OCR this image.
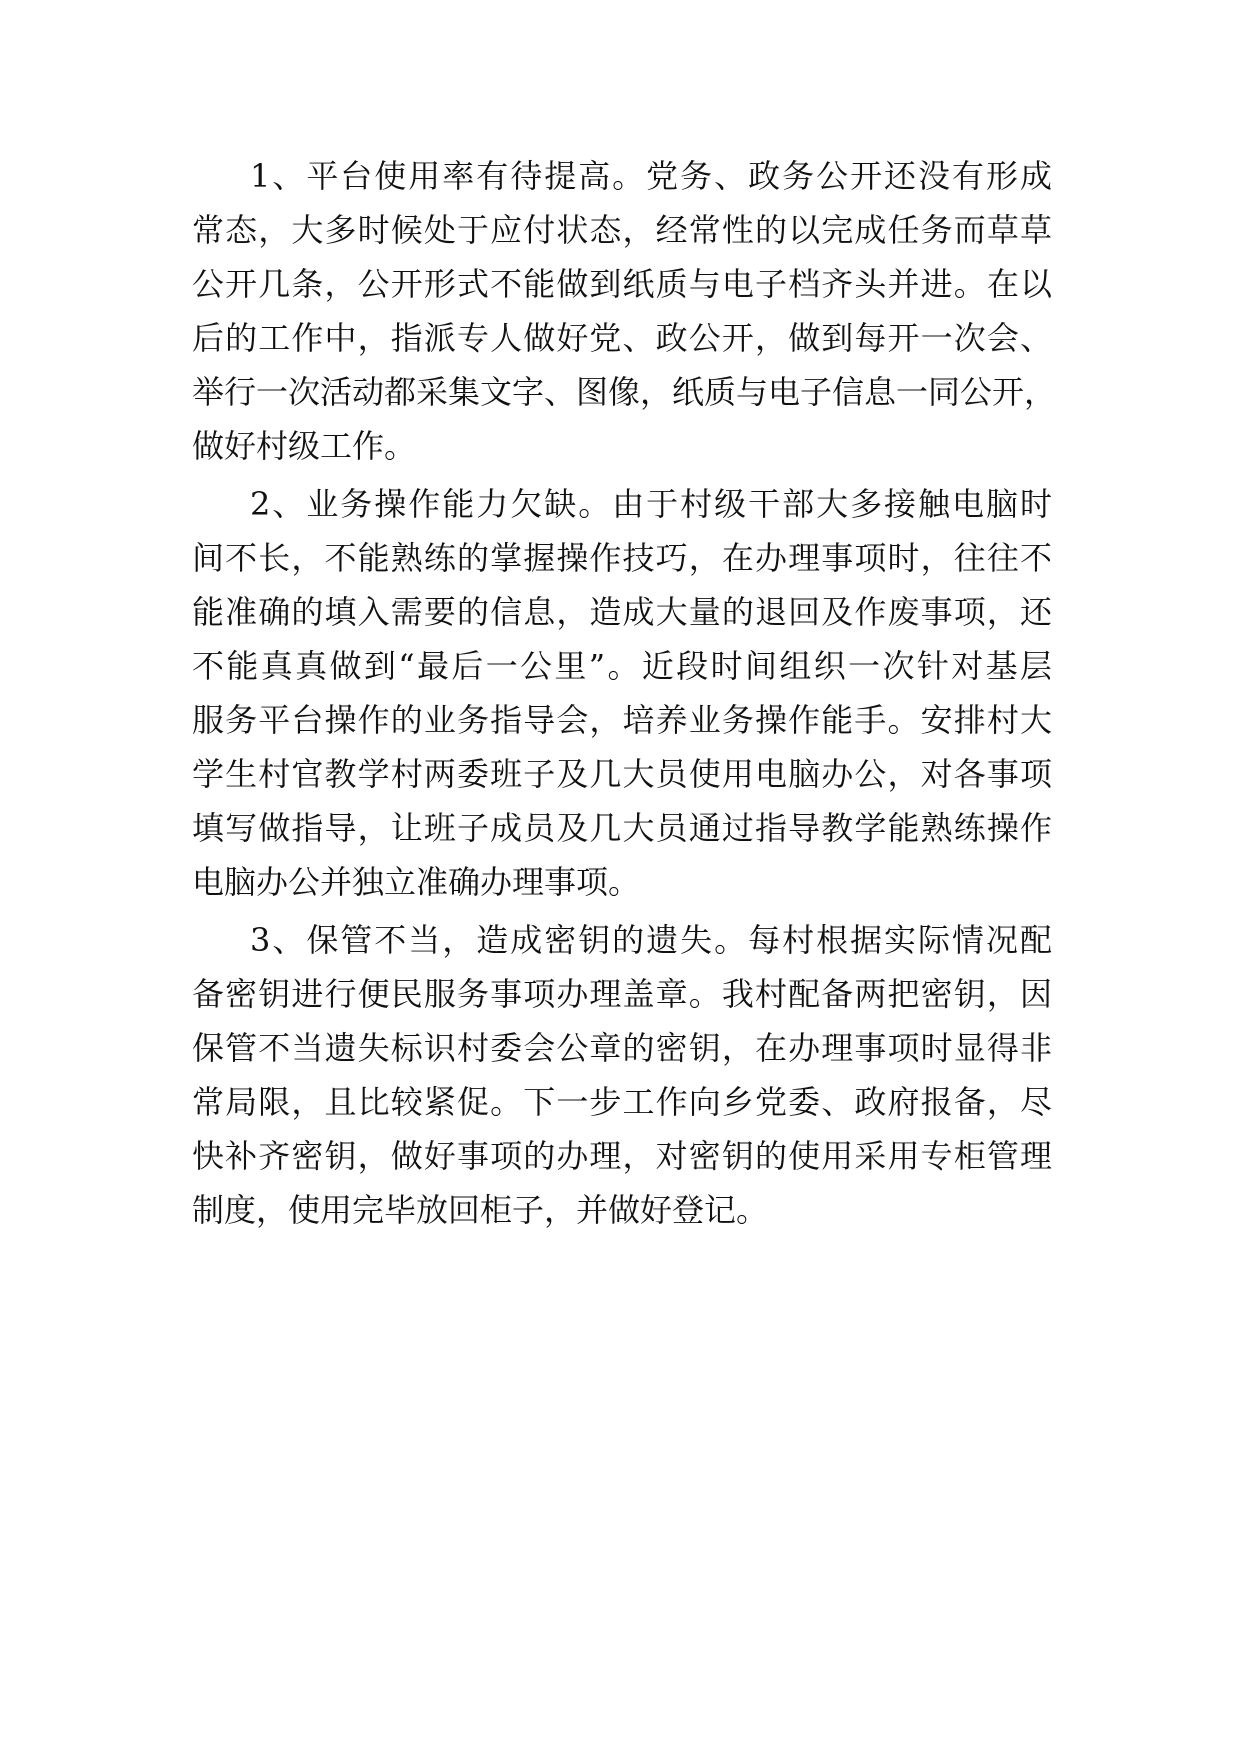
1、平台使用率有待提高。党务、政务公开还没有形成
常态，大多时候处于应付状态，经常性的以完成任务而草草
公开几条，公开形式不能做到纸质与电子档齐头并进。在以
后的工作中，指派专人做好党、政公开，做到每开一次会、
举行一次活动都采集文字、图像，纸质与电子信息一同公开，
做好村级工作。
2、业务操作能力欠缺。由于村级干部大多接触电脑时
间不长，不能熟练的掌握操作技巧，在办理事项时，往往不
能准确的填入需要的信息，造成大量的退回及作废事项，还
不能真真做到“最后一公里”。近段时间组织一次针对基层
服务平台操作的业务指导会，培养业务操作能手。安排村大
学生村官教学村两委班子及几大员使用电脑办公，对各事项
填写做指导，让班子成员及几大员通过指导教学能熟练操作
电脑办公并独立准确办理事项。
3、保管不当，造成密钥的遗失。每村根据实际情况配
备密钥进行便民服务事项办理盖章。我村配备两把密钥，因
保管不当遗失标识村委会公章的密钥，在办理事项时显得非
常局限，且比较紧促。下一步工作向乡党委、政府报备，尽
快补齐密钥，做好事项的办理，对密钥的使用采用专柜管理
制度，使用完毕放回柜子，并做好登记。
